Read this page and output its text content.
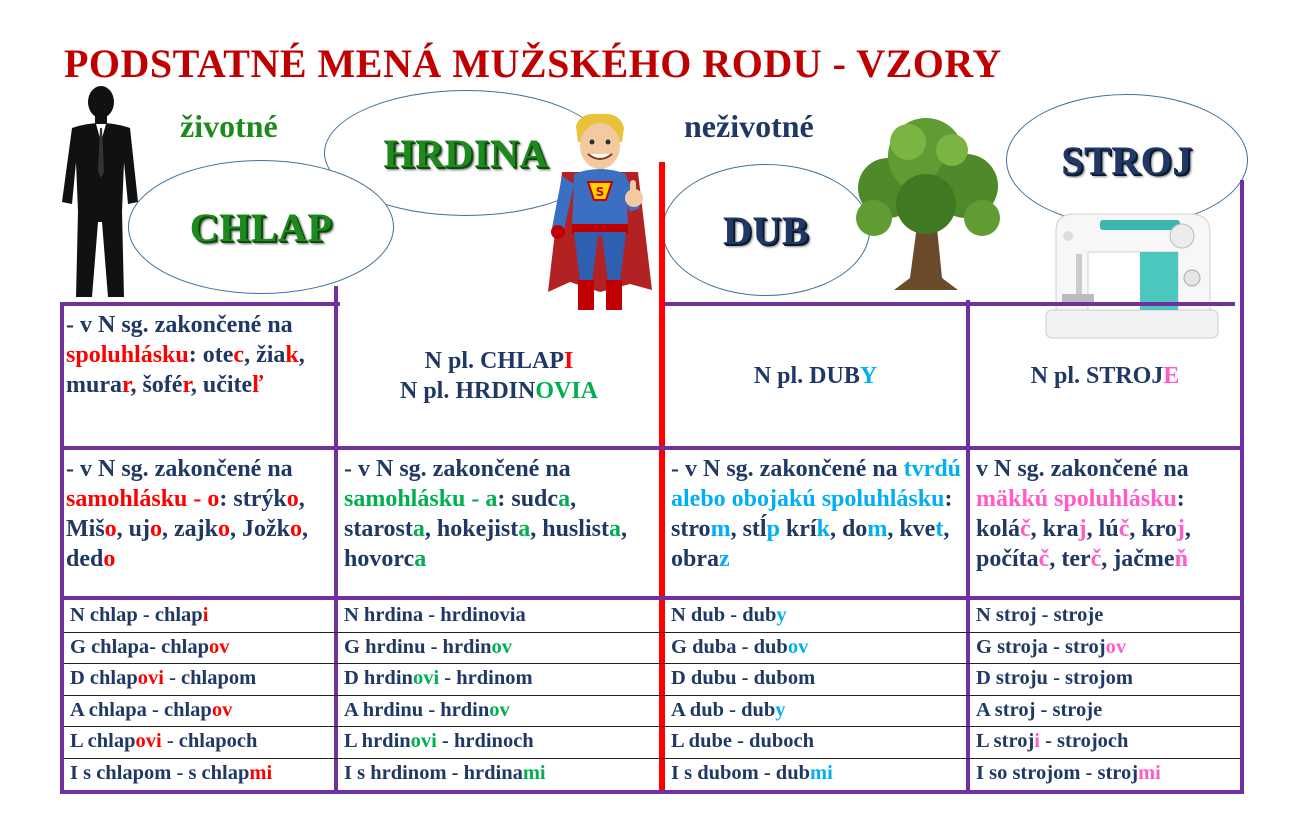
PODSTATNÉ MENÁ MUŽSKÉHO RODU - VZORY
životné	neživotné
HRDINA
CHLAP
S
DUB
STROJ
- v N sg. zakončené na spoluhlásku: otec, žiak, murar, šofér, učiteľ
N pl. CHLAPI
N pl. HRDINOVIA
N pl. DUBY	N pl. STROJE
- v N sg. zakončené na samohlásku - o: strýko, Mišo, ujo, zajko, Jožko, dedo
- v N sg. zakončené na samohlásku - a: sudca, starosta, hokejista, huslista, hovorca
- v N sg. zakončené na tvrdú alebo obojakú spoluhlásku: strom, stĺp krík, dom, kvet, obraz
v N sg. zakončené na mäkkú spoluhlásku: koláč, kraj, lúč, kroj, počítač, terč, jačmeň
N chlap - chlapi
G chlapa- chlapov
D chlapovi - chlapom
A chlapa - chlapov
L chlapovi - chlapoch
I s chlapom - s chlapmi
N hrdina - hrdinovia
G hrdinu - hrdinov
D hrdinovi - hrdinom
A hrdinu - hrdinov
L hrdinovi - hrdinoch
I s hrdinom - hrdinami
N dub - duby
G duba - dubov
D dubu - dubom
A dub - duby
L dube - duboch
I s dubom - dubmi
N stroj - stroje
G stroja - strojov
D stroju - strojom
A stroj - stroje
L stroji - strojoch
I so strojom - strojmi
